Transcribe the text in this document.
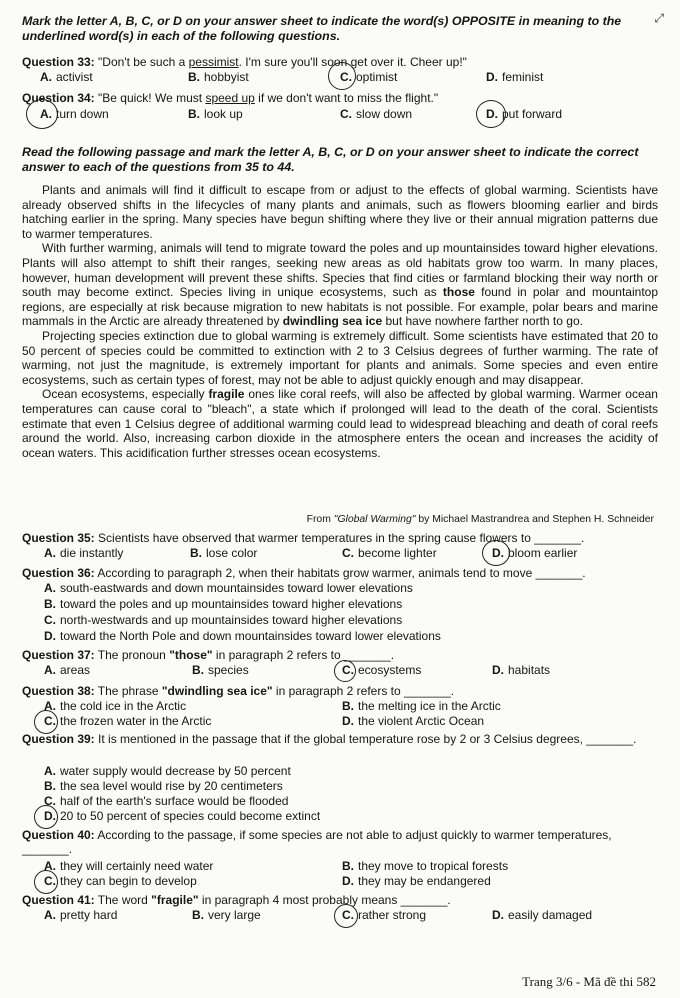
Mark the letter A, B, C, or D on your answer sheet to indicate the word(s) OPPOSITE in meaning to the underlined word(s) in each of the following questions.
⤢
Question 33: "Don't be such a pessimist. I'm sure you'll soon get over it. Cheer up!"
A. activist	B. hobbyist	C. optimist	D. feminist
Question 34: "Be quick! We must speed up if we don't want to miss the flight."
A. turn down	B. look up	C. slow down	D. put forward
Read the following passage and mark the letter A, B, C, or D on your answer sheet to indicate the correct answer to each of the questions from 35 to 44.

Plants and animals will find it difficult to escape from or adjust to the effects of global warming. Scientists have already observed shifts in the lifecycles of many plants and animals, such as flowers blooming earlier and birds hatching earlier in the spring. Many species have begun shifting where they live or their annual migration patterns due to warmer temperatures.

With further warming, animals will tend to migrate toward the poles and up mountainsides toward higher elevations. Plants will also attempt to shift their ranges, seeking new areas as old habitats grow too warm. In many places, however, human development will prevent these shifts. Species that find cities or farmland blocking their way north or south may become extinct. Species living in unique ecosystems, such as those found in polar and mountaintop regions, are especially at risk because migration to new habitats is not possible. For example, polar bears and marine mammals in the Arctic are already threatened by dwindling sea ice but have nowhere farther north to go.

Projecting species extinction due to global warming is extremely difficult. Some scientists have estimated that 20 to 50 percent of species could be committed to extinction with 2 to 3 Celsius degrees of further warming. The rate of warming, not just the magnitude, is extremely important for plants and animals. Some species and even entire ecosystems, such as certain types of forest, may not be able to adjust quickly enough and may disappear.

Ocean ecosystems, especially fragile ones like coral reefs, will also be affected by global warming. Warmer ocean temperatures can cause coral to "bleach", a state which if prolonged will lead to the death of the coral. Scientists estimate that even 1 Celsius degree of additional warming could lead to widespread bleaching and death of coral reefs around the world. Also, increasing carbon dioxide in the atmosphere enters the ocean and increases the acidity of ocean waters. This acidification further stresses ocean ecosystems.

From "Global Warming" by Michael Mastrandrea and Stephen H. Schneider
Question 35: Scientists have observed that warmer temperatures in the spring cause flowers to _______.
A. die instantly	B. lose color	C. become lighter	D. bloom earlier
Question 36: According to paragraph 2, when their habitats grow warmer, animals tend to move _______.
A. south-eastwards and down mountainsides toward lower elevations
B. toward the poles and up mountainsides toward higher elevations
C. north-westwards and up mountainsides toward higher elevations
D. toward the North Pole and down mountainsides toward lower elevations
Question 37: The pronoun "those" in paragraph 2 refers to _______.
A. areas	B. species	C. ecosystems	D. habitats
Question 38: The phrase "dwindling sea ice" in paragraph 2 refers to _______.
A. the cold ice in the Arctic	B. the melting ice in the Arctic
C. the frozen water in the Arctic	D. the violent Arctic Ocean
Question 39: It is mentioned in the passage that if the global temperature rose by 2 or 3 Celsius degrees, _______.
A. water supply would decrease by 50 percent
B. the sea level would rise by 20 centimeters
C. half of the earth's surface would be flooded
D. 20 to 50 percent of species could become extinct
Question 40: According to the passage, if some species are not able to adjust quickly to warmer temperatures, _______.
A. they will certainly need water	B. they move to tropical forests
C. they can begin to develop	D. they may be endangered
Question 41: The word "fragile" in paragraph 4 most probably means _______.
A. pretty hard	B. very large	C. rather strong	D. easily damaged
Trang 3/6 - Mã đề thi 582
